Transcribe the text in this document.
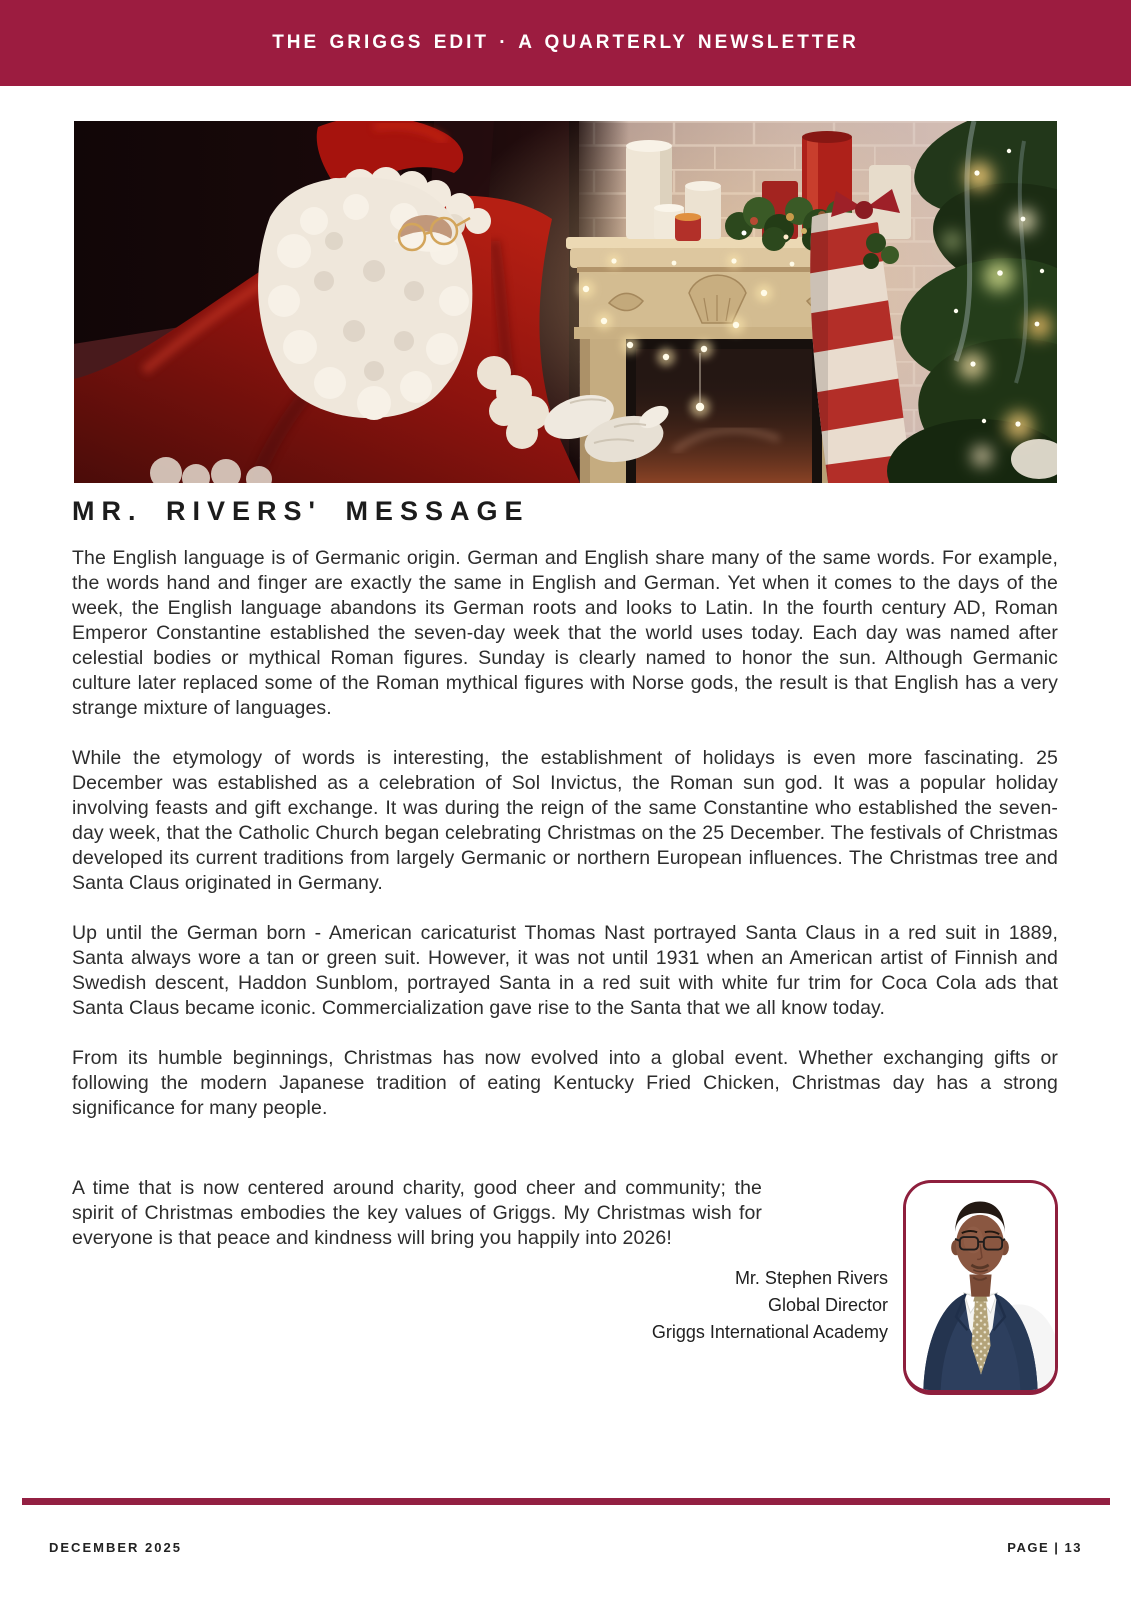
THE GRIGGS EDIT · A QUARTERLY NEWSLETTER
MR. RIVERS' MESSAGE

The English language is of Germanic origin. German and English share many of the same words. For example, the words hand and finger are exactly the same in English and German. Yet when it comes to the days of the week, the English language abandons its German roots and looks to Latin. In the fourth century AD, Roman Emperor Constantine established the seven-day week that the world uses today. Each day was named after celestial bodies or mythical Roman figures. Sunday is clearly named to honor the sun. Although Germanic culture later replaced some of the Roman mythical figures with Norse gods, the result is that English has a very strange mixture of languages.

While the etymology of words is interesting, the establishment of holidays is even more fascinating. 25 December was established as a celebration of Sol Invictus, the Roman sun god. It was a popular holiday involving feasts and gift exchange. It was during the reign of the same Constantine who established the seven-day week, that the Catholic Church began celebrating Christmas on the 25 December. The festivals of Christmas developed its current traditions from largely Germanic or northern European influences. The Christmas tree and Santa Claus originated in Germany.

Up until the German born - American caricaturist Thomas Nast portrayed Santa Claus in a red suit in 1889, Santa always wore a tan or green suit. However, it was not until 1931 when an American artist of Finnish and Swedish descent, Haddon Sunblom, portrayed Santa in a red suit with white fur trim for Coca Cola ads that Santa Claus became iconic. Commercialization gave rise to the Santa that we all know today.

From its humble beginnings, Christmas has now evolved into a global event. Whether exchanging gifts or following the modern Japanese tradition of eating Kentucky Fried Chicken, Christmas day has a strong significance for many people.

A time that is now centered around charity, good cheer and community; the spirit of Christmas embodies the key values of Griggs. My Christmas wish for everyone is that peace and kindness will bring you happily into 2026!

Mr. Stephen Rivers
Global Director
Griggs International Academy
DECEMBER 2025	PAGE | 13
